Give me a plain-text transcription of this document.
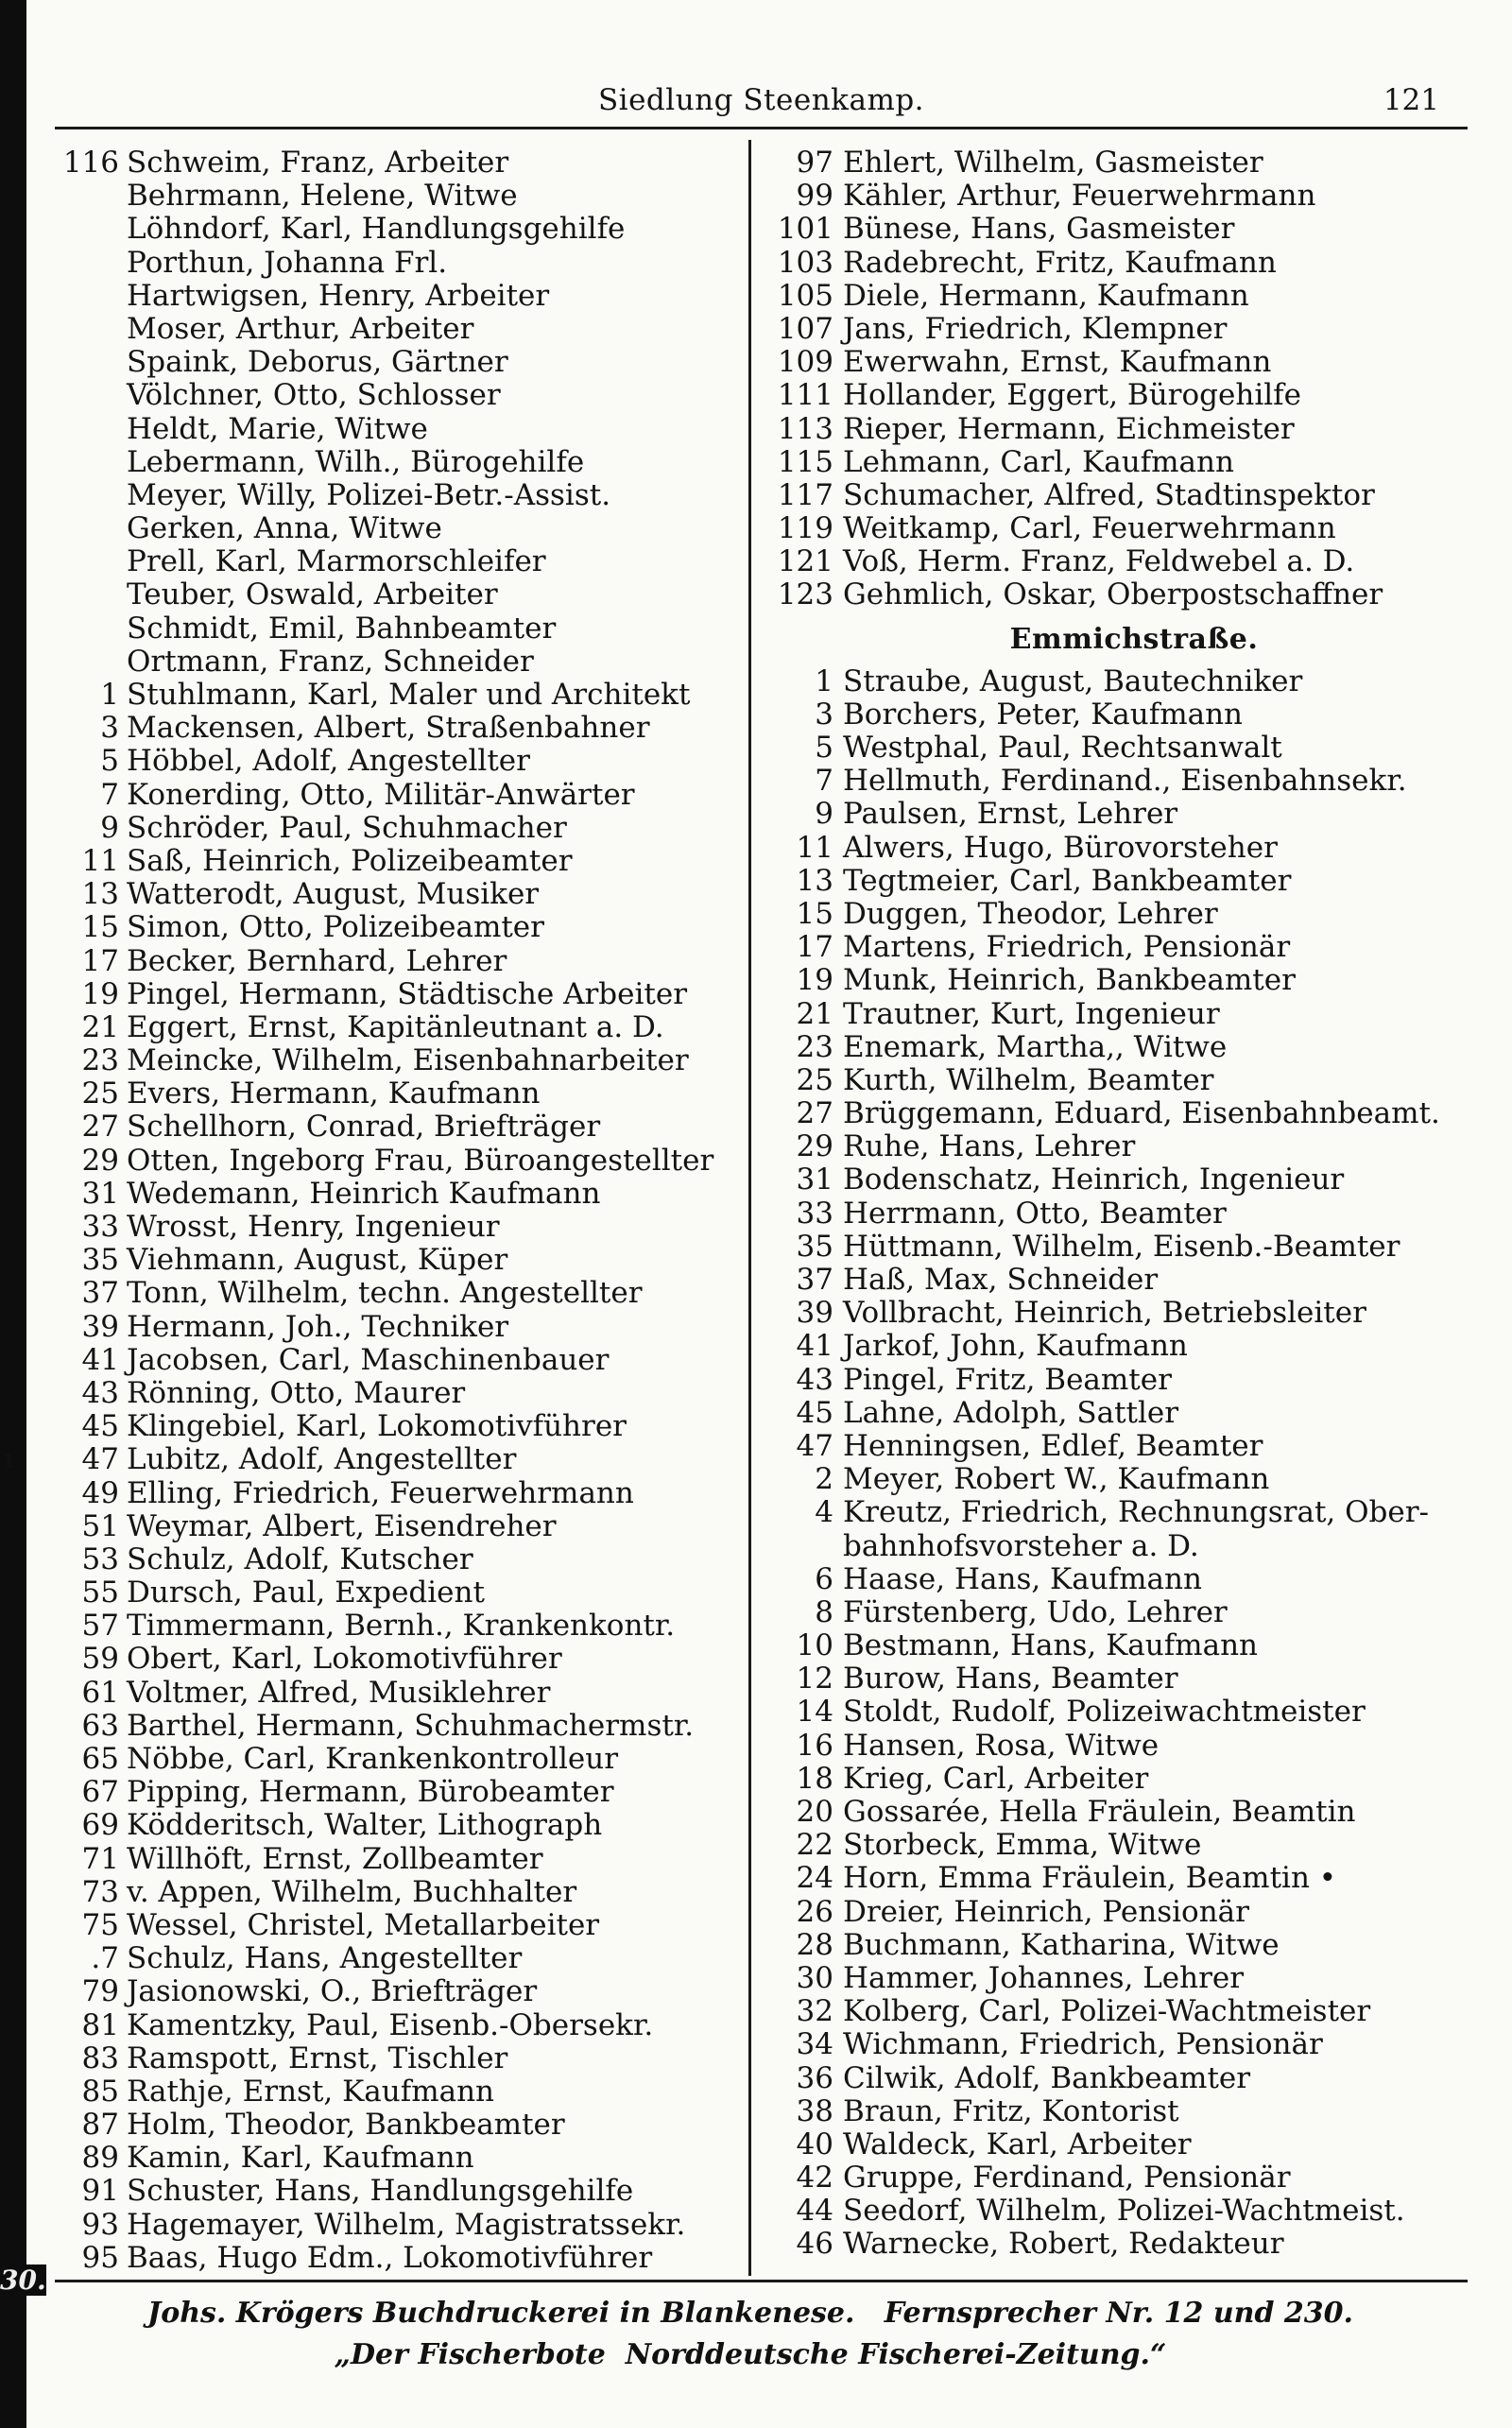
Siedlung Steenkamp.	121
116 Schweim, Franz, Arbeiter
Behrmann, Helene, Witwe
Löhndorf, Karl, Handlungsgehilfe
Porthun, Johanna Frl.
Hartwigsen, Henry, Arbeiter
Moser, Arthur, Arbeiter
Spaink, Deborus, Gärtner
Völchner, Otto, Schlosser
Heldt, Marie, Witwe
Lebermann, Wilh., Bürogehilfe
Meyer, Willy, Polizei-Betr.-Assist.
Gerken, Anna, Witwe
Prell, Karl, Marmorschleifer
Teuber, Oswald, Arbeiter
Schmidt, Emil, Bahnbeamter
Ortmann, Franz, Schneider
1 Stuhlmann, Karl, Maler und Architekt
3 Mackensen, Albert, Straßenbahner
5 Höbbel, Adolf, Angestellter
7 Konerding, Otto, Militär-Anwärter
9 Schröder, Paul, Schuhmacher
11 Saß, Heinrich, Polizeibeamter
13 Watterodt, August, Musiker
15 Simon, Otto, Polizeibeamter
17 Becker, Bernhard, Lehrer
19 Pingel, Hermann, Städtische Arbeiter
21 Eggert, Ernst, Kapitänleutnant a. D.
23 Meincke, Wilhelm, Eisenbahnarbeiter
25 Evers, Hermann, Kaufmann
27 Schellhorn, Conrad, Briefträger
29 Otten, Ingeborg Frau, Büroangestellter
31 Wedemann, Heinrich Kaufmann
33 Wrosst, Henry, Ingenieur
35 Viehmann, August, Küper
37 Tonn, Wilhelm, techn. Angestellter
39 Hermann, Joh., Techniker
41 Jacobsen, Carl, Maschinenbauer
43 Rönning, Otto, Maurer
45 Klingebiel, Karl, Lokomotivführer
47 Lubitz, Adolf, Angestellter
49 Elling, Friedrich, Feuerwehrmann
51 Weymar, Albert, Eisendreher
53 Schulz, Adolf, Kutscher
55 Dursch, Paul, Expedient
57 Timmermann, Bernh., Krankenkontr.
59 Obert, Karl, Lokomotivführer
61 Voltmer, Alfred, Musiklehrer
63 Barthel, Hermann, Schuhmachermstr.
65 Nöbbe, Carl, Krankenkontrolleur
67 Pipping, Hermann, Bürobeamter
69 Ködderitsch, Walter, Lithograph
71 Willhöft, Ernst, Zollbeamter
73 v. Appen, Wilhelm, Buchhalter
75 Wessel, Christel, Metallarbeiter
.7 Schulz, Hans, Angestellter
79 Jasionowski, O., Briefträger
81 Kamentzky, Paul, Eisenb.-Obersekr.
83 Ramspott, Ernst, Tischler
85 Rathje, Ernst, Kaufmann
87 Holm, Theodor, Bankbeamter
89 Kamin, Karl, Kaufmann
91 Schuster, Hans, Handlungsgehilfe
93 Hagemayer, Wilhelm, Magistratssekr.
95 Baas, Hugo Edm., Lokomotivführer
97 Ehlert, Wilhelm, Gasmeister
99 Kähler, Arthur, Feuerwehrmann
101 Bünese, Hans, Gasmeister
103 Radebrecht, Fritz, Kaufmann
105 Diele, Hermann, Kaufmann
107 Jans, Friedrich, Klempner
109 Ewerwahn, Ernst, Kaufmann
111 Hollander, Eggert, Bürogehilfe
113 Rieper, Hermann, Eichmeister
115 Lehmann, Carl, Kaufmann
117 Schumacher, Alfred, Stadtinspektor
119 Weitkamp, Carl, Feuerwehrmann
121 Voß, Herm. Franz, Feldwebel a. D.
123 Gehmlich, Oskar, Oberpostschaffner
Emmichstraße.
1 Straube, August, Bautechniker
3 Borchers, Peter, Kaufmann
5 Westphal, Paul, Rechtsanwalt
7 Hellmuth, Ferdinand., Eisenbahnsekr.
9 Paulsen, Ernst, Lehrer
11 Alwers, Hugo, Bürovorsteher
13 Tegtmeier, Carl, Bankbeamter
15 Duggen, Theodor, Lehrer
17 Martens, Friedrich, Pensionär
19 Munk, Heinrich, Bankbeamter
21 Trautner, Kurt, Ingenieur
23 Enemark, Martha,, Witwe
25 Kurth, Wilhelm, Beamter
27 Brüggemann, Eduard, Eisenbahnbeamt.
29 Ruhe, Hans, Lehrer
31 Bodenschatz, Heinrich, Ingenieur
33 Herrmann, Otto, Beamter
35 Hüttmann, Wilhelm, Eisenb.-Beamter
37 Haß, Max, Schneider
39 Vollbracht, Heinrich, Betriebsleiter
41 Jarkof, John, Kaufmann
43 Pingel, Fritz, Beamter
45 Lahne, Adolph, Sattler
47 Henningsen, Edlef, Beamter
2 Meyer, Robert W., Kaufmann
4 Kreutz, Friedrich, Rechnungsrat, Ober-
bahnhofsvorsteher a. D.
6 Haase, Hans, Kaufmann
8 Fürstenberg, Udo, Lehrer
10 Bestmann, Hans, Kaufmann
12 Burow, Hans, Beamter
14 Stoldt, Rudolf, Polizeiwachtmeister
16 Hansen, Rosa, Witwe
18 Krieg, Carl, Arbeiter
20 Gossarée, Hella Fräulein, Beamtin
22 Storbeck, Emma, Witwe
24 Horn, Emma Fräulein, Beamtin •
26 Dreier, Heinrich, Pensionär
28 Buchmann, Katharina, Witwe
30 Hammer, Johannes, Lehrer
32 Kolberg, Carl, Polizei-Wachtmeister
34 Wichmann, Friedrich, Pensionär
36 Cilwik, Adolf, Bankbeamter
38 Braun, Fritz, Kontorist
40 Waldeck, Karl, Arbeiter
42 Gruppe, Ferdinand, Pensionär
44 Seedorf, Wilhelm, Polizei-Wachtmeist.
46 Warnecke, Robert, Redakteur
Johs. Krögers Buchdruckerei in Blankenese.   Fernsprecher Nr. 12 und 230.
„Der Fischerbote  Norddeutsche Fischerei-Zeitung.“
1
30.
